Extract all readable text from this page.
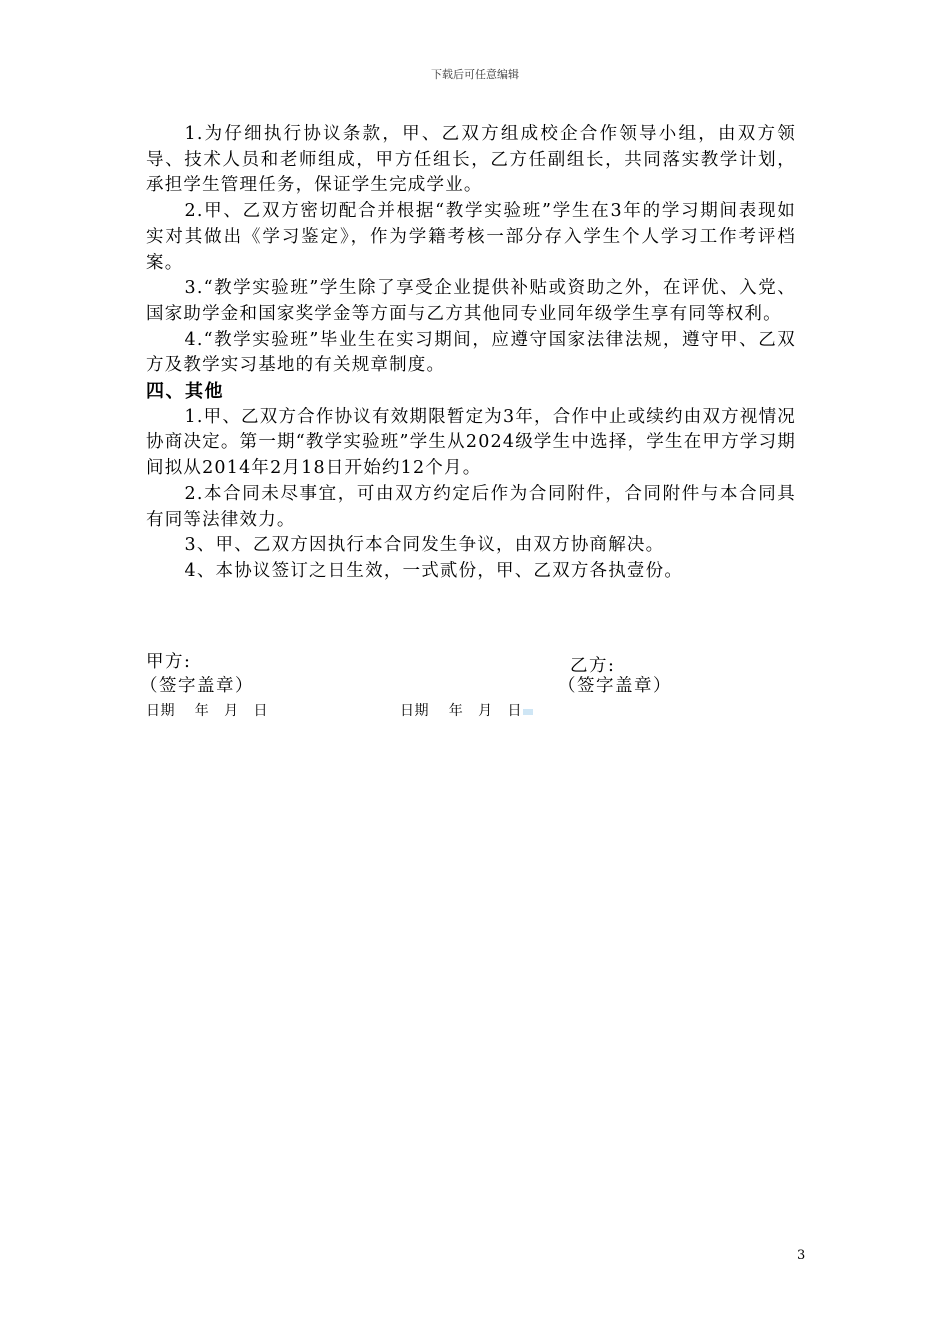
下载后可任意编辑

1.为仔细执行协议条款，甲、乙双方组成校企合作领导小组，由双方领导、技术人员和老师组成，甲方任组长，乙方任副组长，共同落实教学计划，承担学生管理任务，保证学生完成学业。

2.甲、乙双方密切配合并根据“教学实验班”学生在3年的学习期间表现如实对其做出《学习鉴定》，作为学籍考核一部分存入学生个人学习工作考评档案。

3.“教学实验班”学生除了享受企业提供补贴或资助之外，在评优、入党、国家助学金和国家奖学金等方面与乙方其他同专业同年级学生享有同等权利。

4.“教学实验班”毕业生在实习期间，应遵守国家法律法规，遵守甲、乙双方及教学实习基地的有关规章制度。

四、其他

1.甲、乙双方合作协议有效期限暂定为3年，合作中止或续约由双方视情况协商决定。第一期“教学实验班”学生从2024级学生中选择，学生在甲方学习期间拟从2014年2月18日开始约12个月。

2.本合同未尽事宜，可由双方约定后作为合同附件，合同附件与本合同具有同等法律效力。

3、甲、乙双方因执行本合同发生争议，由双方协商解决。

4、本协议签订之日生效，一式贰份，甲、乙双方各执壹份。

甲方:	乙方:
（签字盖章）	（签字盖章）
日期    年   月   日	日期    年   月   日
3
